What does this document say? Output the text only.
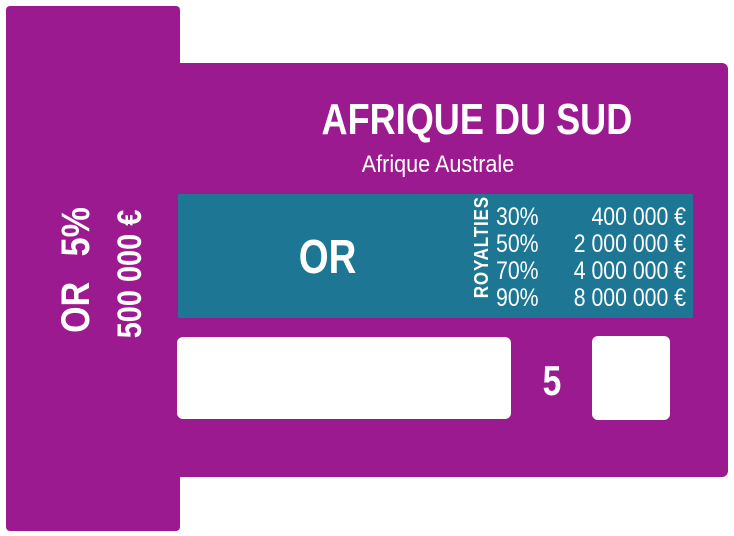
AFRIQUE DU SUD
Afrique Australe
OR	ROYALTIES 30%	400 000 €
50%	2 000 000 €
70%	4 000 000 €
90%	8 000 000 €
OR5% 500 000 €
5
